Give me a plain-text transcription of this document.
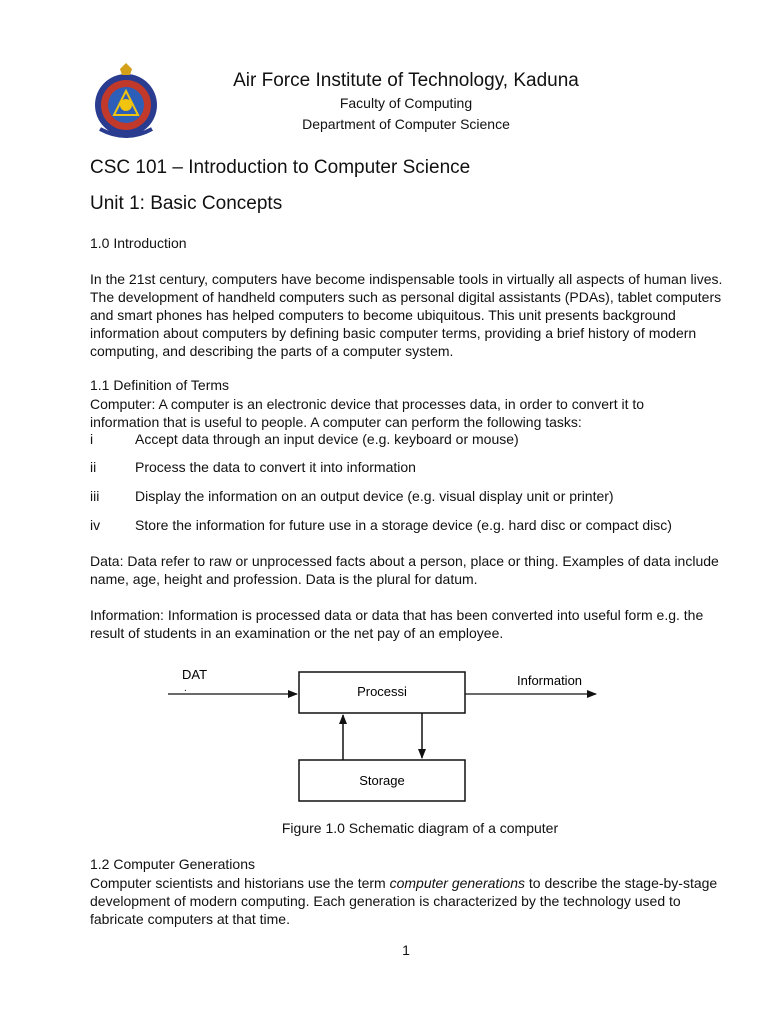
Air Force Institute of Technology, Kaduna
Faculty of Computing
Department of Computer Science
CSC 101 – Introduction to Computer Science
Unit 1: Basic Concepts
1.0 Introduction
In the 21st century, computers have become indispensable tools in virtually all aspects of human lives. The development of handheld computers such as personal digital assistants (PDAs), tablet computers and smart phones has helped computers to become ubiquitous. This unit presents background information about computers by defining basic computer terms, providing a brief history of modern computing, and describing the parts of a computer system.
1.1 Definition of Terms
Computer: A computer is an electronic device that processes data, in order to convert it to information that is useful to people. A computer can perform the following tasks:
i	Accept data through an input device (e.g. keyboard or mouse)
ii	Process the data to convert it into information
iii	Display the information on an output device (e.g. visual display unit or printer)
iv Store the information for future use in a storage device (e.g. hard disc or compact disc)
Data: Data refer to raw or unprocessed facts about a person, place or thing. Examples of data include name, age, height and profession. Data is the plural for datum.
Information: Information is processed data or data that has been converted into useful form e.g. the result of students in an examination or the net pay of an employee.
DAT
.	Processi
Information
Storage
Figure 1.0 Schematic diagram of a computer
1.2 Computer Generations
Computer scientists and historians use the term computer generations to describe the stage-by-stage development of modern computing. Each generation is characterized by the technology used to fabricate computers at that time.
1
